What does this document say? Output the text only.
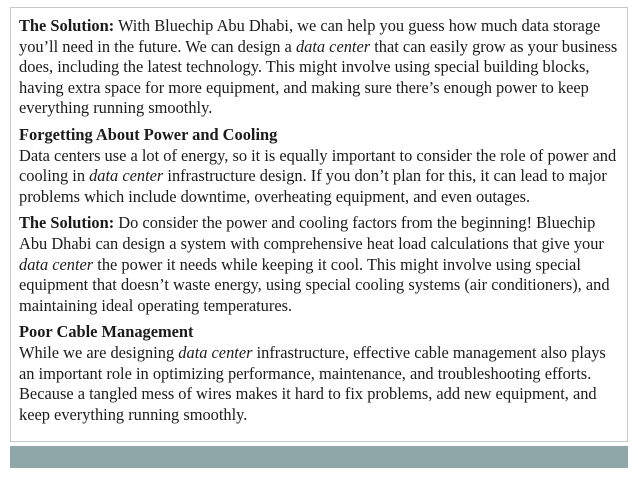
The Solution: With Bluechip Abu Dhabi, we can help you guess how much data storage you’ll need in the future. We can design a data center that can easily grow as your business does, including the latest technology. This might involve using special building blocks, having extra space for more equipment, and making sure there’s enough power to keep everything running smoothly.

Forgetting About Power and Cooling
Data centers use a lot of energy, so it is equally important to consider the role of power and cooling in data center infrastructure design. If you don’t plan for this, it can lead to major problems which include downtime, overheating equipment, and even outages.

The Solution: Do consider the power and cooling factors from the beginning! Bluechip Abu Dhabi can design a system with comprehensive heat load calculations that give your data center the power it needs while keeping it cool. This might involve using special equipment that doesn’t waste energy, using special cooling systems (air conditioners), and maintaining ideal operating temperatures.

Poor Cable Management
While we are designing data center infrastructure, effective cable management also plays an important role in optimizing performance, maintenance, and troubleshooting efforts. Because a tangled mess of wires makes it hard to fix problems, add new equipment, and keep everything running smoothly.
